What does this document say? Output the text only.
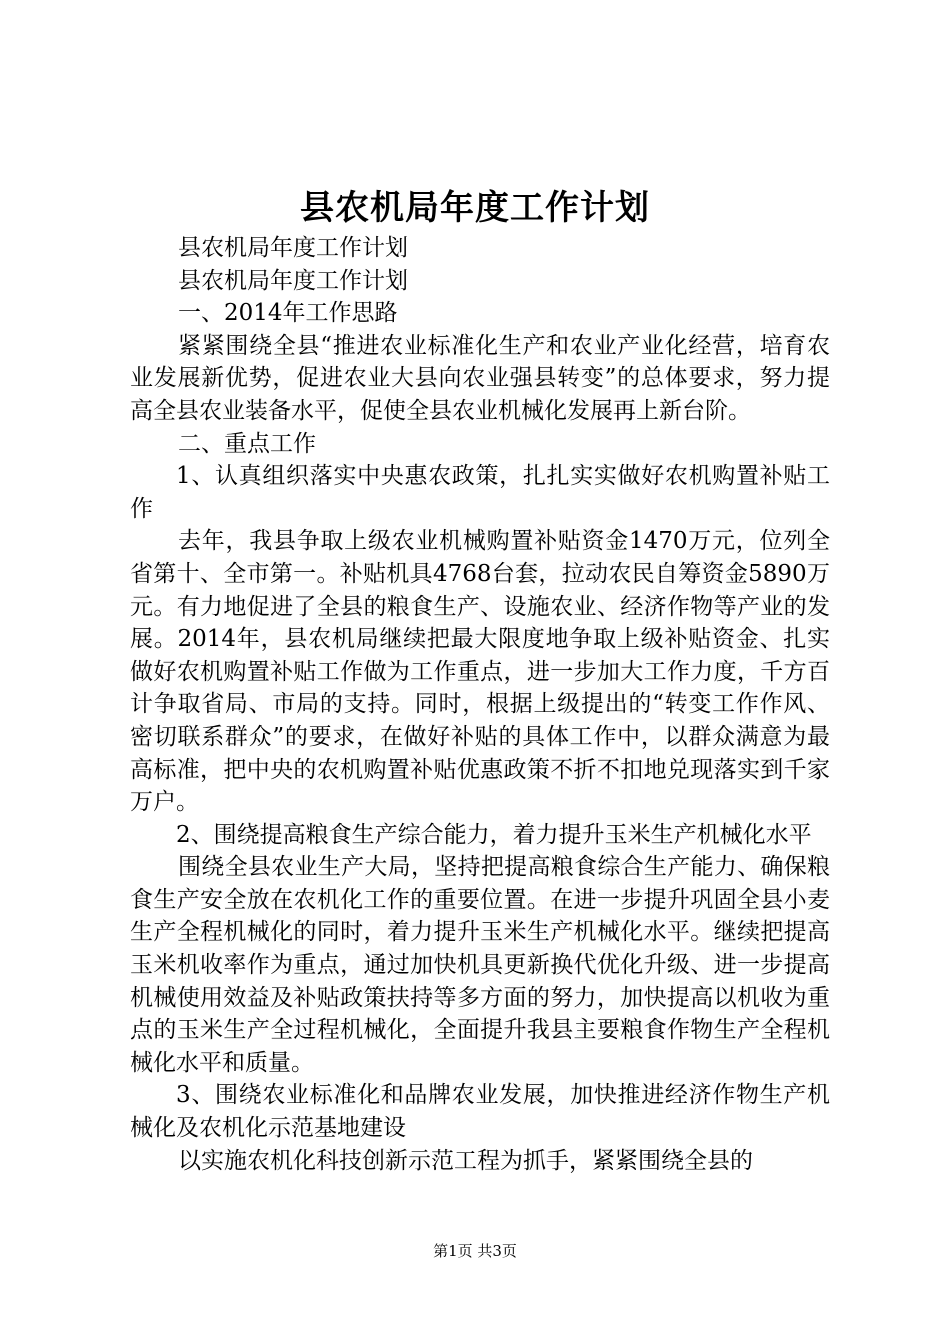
县农机局年度工作计划

县农机局年度工作计划

县农机局年度工作计划

一、2014年工作思路

紧紧围绕全县“推进农业标准化生产和农业产业化经营，培育农业发展新优势，促进农业大县向农业强县转变”的总体要求，努力提高全县农业装备水平，促使全县农业机械化发展再上新台阶。

二、重点工作

1、认真组织落实中央惠农政策，扎扎实实做好农机购置补贴工作

去年，我县争取上级农业机械购置补贴资金1470万元，位列全省第十、全市第一。补贴机具4768台套，拉动农民自筹资金5890万元。有力地促进了全县的粮食生产、设施农业、经济作物等产业的发展。2014年，县农机局继续把最大限度地争取上级补贴资金、扎实做好农机购置补贴工作做为工作重点，进一步加大工作力度，千方百计争取省局、市局的支持。同时，根据上级提出的“转变工作作风、密切联系群众”的要求，在做好补贴的具体工作中，以群众满意为最高标准，把中央的农机购置补贴优惠政策不折不扣地兑现落实到千家万户。

2、围绕提高粮食生产综合能力，着力提升玉米生产机械化水平

围绕全县农业生产大局，坚持把提高粮食综合生产能力、确保粮食生产安全放在农机化工作的重要位置。在进一步提升巩固全县小麦生产全程机械化的同时，着力提升玉米生产机械化水平。继续把提高玉米机收率作为重点，通过加快机具更新换代优化升级、进一步提高机械使用效益及补贴政策扶持等多方面的努力，加快提高以机收为重点的玉米生产全过程机械化，全面提升我县主要粮食作物生产全程机械化水平和质量。

3、围绕农业标准化和品牌农业发展，加快推进经济作物生产机械化及农机化示范基地建设

以实施农机化科技创新示范工程为抓手，紧紧围绕全县的

第1页 共3页
